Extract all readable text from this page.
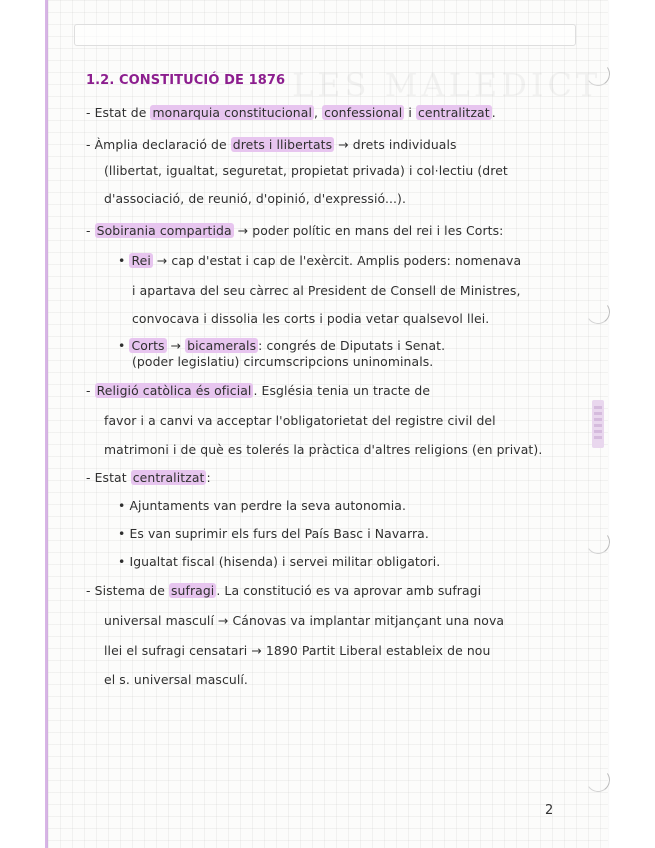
1.2. CONSTITUCIÓ DE 1876
- Estat de monarquia constitucional , confessional i centralitzat .
- Àmplia declaració de drets i llibertats → drets individuals
(llibertat, igualtat, seguretat, propietat privada) i col·lectiu (dret
d'associació, de reunió, d'opinió, d'expressió...).
- Sobirania compartida → poder polític en mans del rei i les Corts:
• Rei → cap d'estat i cap de l'exèrcit. Amplis poders: nomenava
i apartava del seu càrrec al President de Consell de Ministres,
convocava i dissolia les corts i podia vetar qualsevol llei.
• Corts → bicamerals : congrés de Diputats i Senat.
(poder legislatiu) circumscripcions uninominals.
- Religió catòlica és oficial . Església tenia un tracte de
favor i a canvi va acceptar l'obligatorietat del registre civil del
matrimoni i de què es tolerés la pràctica d'altres religions (en privat).
- Estat centralitzat :
• Ajuntaments van perdre la seva autonomia.
• Es van suprimir els furs del País Basc i Navarra.
• Igualtat fiscal (hisenda) i servei militar obligatori.
- Sistema de sufragi . La constitució es va aprovar amb sufragi
universal masculí → Cánovas va implantar mitjançant una nova
llei el sufragi censatari → 1890 Partit Liberal estableix de nou
el s. universal masculí.
2
